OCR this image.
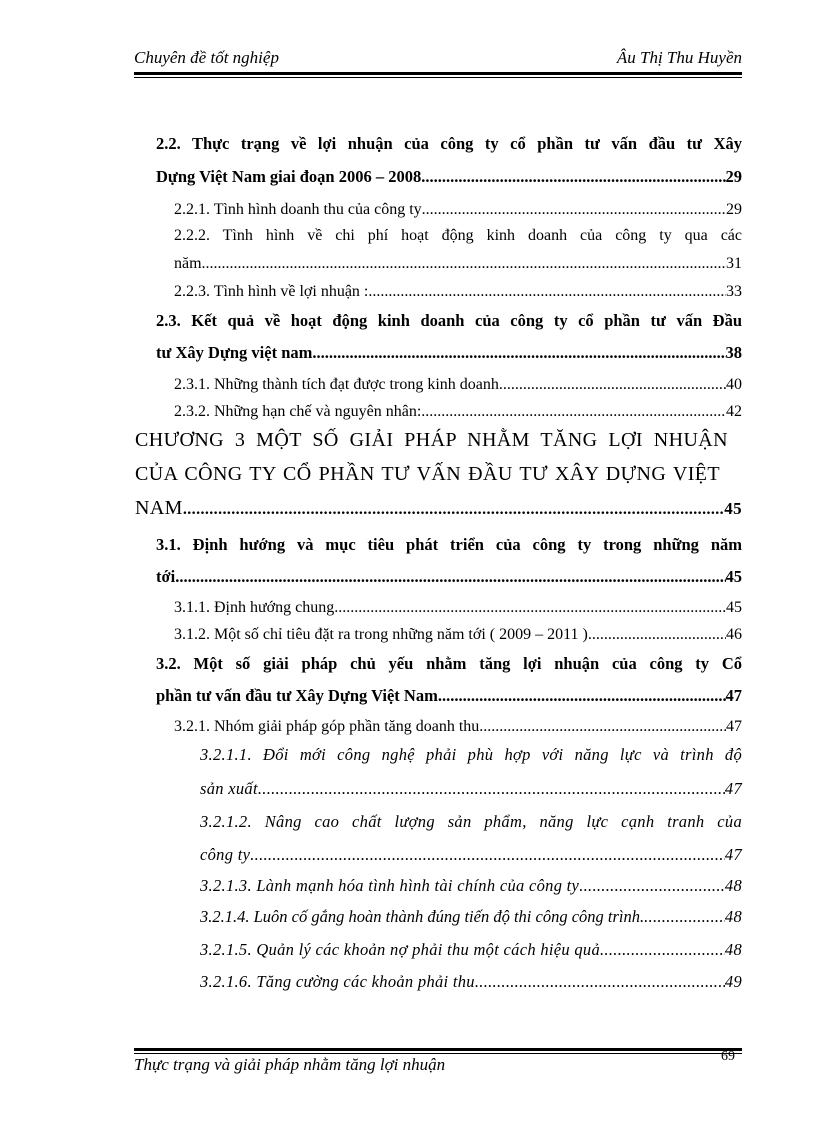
Chuyên đề tốt nghiệp	Âu Thị Thu Huyền
2.2. Thực trạng về lợi nhuận của công ty cổ phần tư vấn đầu tư Xây
Dựng Việt Nam giai đoạn 2006 – 2008 .....	29
2.2.1. Tình hình doanh thu của công ty .....	29
2.2.2. Tình hình về chi phí hoạt động kinh doanh của công ty qua các
năm .....	31
2.2.3. Tình hình về lợi nhuận : .....	33
2.3. Kết quả về hoạt động kinh doanh của công ty cổ phần tư vấn Đầu
tư Xây Dựng việt nam .....	38
2.3.1. Những thành tích đạt được trong kinh doanh .....	40
2.3.2. Những hạn chế và nguyên nhân: .....	42
CHƯƠNG 3 MỘT SỐ GIẢI PHÁP NHẰM TĂNG LỢI NHUẬN
CỦA CÔNG TY CỔ PHẦN TƯ VẤN ĐẦU TƯ XÂY DỰNG VIỆT
NAM .....	45
3.1. Định hướng và mục tiêu phát triển của công ty trong những năm
tới .....	45
3.1.1. Định hướng chung .....	45
3.1.2. Một số chỉ tiêu đặt ra trong những năm tới ( 2009 – 2011 ) .....	46
3.2. Một số giải pháp chủ yếu nhằm tăng lợi nhuận của công ty Cổ
phần tư vấn đầu tư Xây Dựng Việt Nam .....	47
3.2.1. Nhóm giải pháp góp phần tăng doanh thu .....	47
3.2.1.1. Đổi mới công nghệ phải phù hợp với năng lực và trình độ
sản xuất .....	47
3.2.1.2. Nâng cao chất lượng sản phẩm, năng lực cạnh tranh của
công ty .....	47
3.2.1.3. Lành mạnh hóa tình hình tài chính của công ty .....	48
3.2.1.4. Luôn cố gắng hoàn thành đúng tiến độ thi công công trình. .....	48
3.2.1.5. Quản lý các khoản nợ phải thu một cách hiệu quả .....	48
3.2.1.6. Tăng cường các khoản phải thu .....	49
69
Thực trạng và giải pháp nhằm tăng lợi nhuận
